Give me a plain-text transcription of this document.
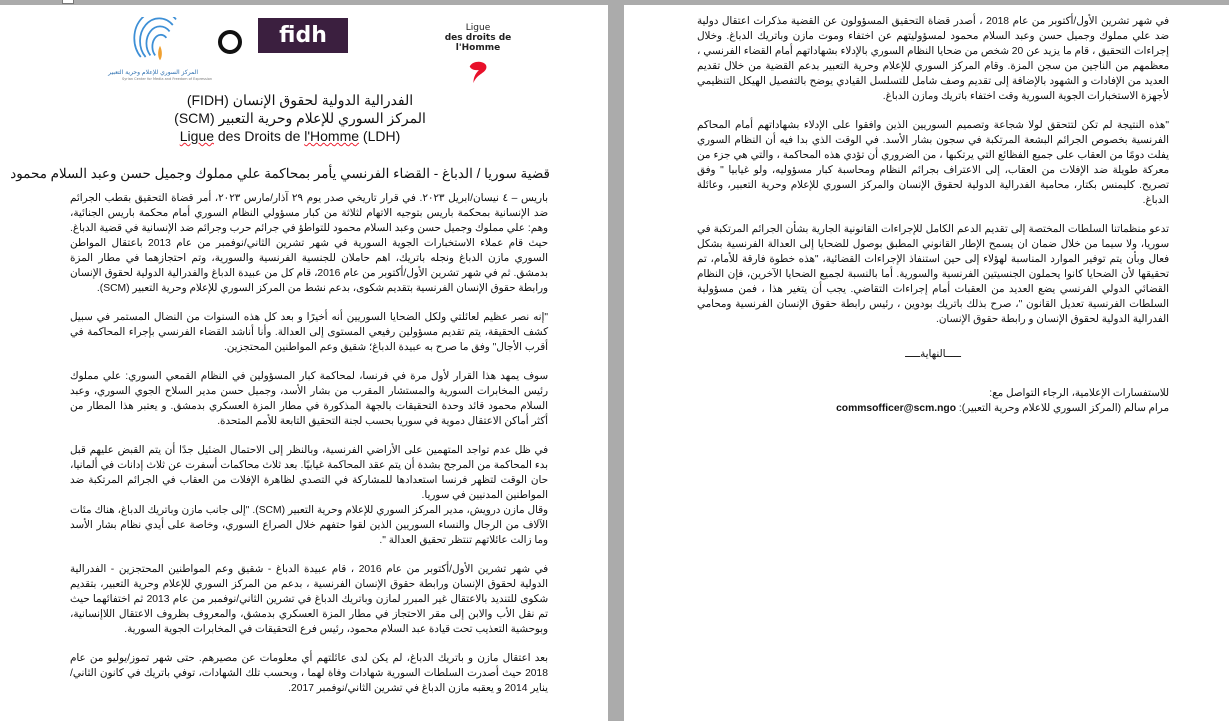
المركز السوري للإعلام وحرية التعبير
Syrian Center for Media and Freedom of Expression
fidh	Ligue
des droits de
l'Homme
الفدرالية الدولية لحقوق الإنسان (FIDH)
المركز السوري للإعلام وحرية التعبير (SCM)
Ligue des Droits de l'Homme (LDH)
قضية سوريا / الدباغ - القضاء الفرنسي يأمر بمحاكمة علي مملوك وجميل حسن وعبد السلام محمود

باريس – ٤ نيسان/ابريل ٢٠٢٣. في قرار تاريخي صدر يوم ٢٩ آذار/مارس ٢٠٢٣، أمر قضاة التحقيق بقطب الجرائم ضد الإنسانية بمحكمة باريس بتوجيه الاتهام لثلاثة من كبار مسؤولي النظام السوري أمام محكمة باريس الجنائية، وهم: علي مملوك وجميل حسن وعبد السلام محمود للتواطؤ في جرائم حرب وجرائم ضد الإنسانية في قضية الدباغ. حيث قام عملاء الاستخبارات الجوية السورية في شهر تشرين الثاني/نوفمبر من عام 2013 باعتقال المواطن السوري مازن الدباغ ونجله باتريك، اهم حاملان للجنسية الفرنسية والسورية، وتم احتجازهما في مطار المزة بدمشق. ثم في شهر تشرين الأول/أكتوبر من عام 2016، قام كل من عبيدة الدباغ والفدرالية الدولية لحقوق الإنسان ورابطة حقوق الإنسان الفرنسية بتقديم شكوى، بدعم نشط من المركز السوري للإعلام وحرية التعبير (SCM).

"إنه نصر عظيم لعائلتي ولكل الضحايا السوريين أنه أخيرًا و بعد كل هذه السنوات من النضال المستمر في سبيل كشف الحقيقة، يتم تقديم مسؤولين رفيعي المستوى إلى العدالة. وأنا أناشد القضاء الفرنسي بإجراء المحاكمة في أقرب الأجال" وفق ما صرح به عبيدة الدباغ؛ شقيق وعم المواطنين المحتجزين.

سوف يمهد هذا القرار لأول مرة في فرنسا، لمحاكمة كبار المسؤولين في النظام القمعي السوري: علي مملوك رئيس المخابرات السورية والمستشار المقرب من بشار الأسد، وجميل حسن مدير السلاح الجوي السوري، وعبد السلام محمود قائد وحدة التحقيقات بالجهة المذكورة في مطار المزة العسكري بدمشق. و يعتبر هذا المطار من أكثر أماكن الاعتقال دموية في سوريا بحسب لجنة التحقيق التابعة للأمم المتحدة.

في ظل عدم تواجد المتهمين على الأراضي الفرنسية، وبالنظر إلى الاحتمال الضئيل جدًا أن يتم القبض عليهم قبل بدء المحاكمة من المرجح بشدة أن يتم عقد المحاكمة غيابيًا. بعد ثلاث محاكمات أسفرت عن ثلاث إدانات في ألمانيا، حان الوقت لتظهر فرنسا استعدادها للمشاركة في التصدي لظاهرة الإفلات من العقاب في الجرائم المرتكبة ضد المواطنين المدنيين في سوريا.

وقال مازن درويش، مدير المركز السوري للإعلام وحرية التعبير (SCM). "إلى جانب مازن وباتريك الدباغ، هناك مئات الآلاف من الرجال والنساء السوريين الذين لقوا حتفهم خلال الصراع السوري، وخاصة على أيدي نظام بشار الأسد وما زالت عائلاتهم تنتظر تحقيق العدالة ".

في شهر تشرين الأول/أكتوبر من عام 2016 ، قام عبيدة الدباغ - شقيق وعم المواطنين المحتجزين - الفدرالية الدولية لحقوق الإنسان ورابطة حقوق الإنسان الفرنسية ، بدعم من المركز السوري للإعلام وحرية التعبير، بتقديم شكوى للتنديد بالاعتقال غير المبرر لمازن وباتريك الدباغ في تشرين الثاني/نوفمبر من عام 2013 ثم اختفائهما حيث تم نقل الأب والابن إلى مقر الاحتجاز في مطار المزة العسكري بدمشق، والمعروف بظروف الاعتقال اللاإنسانية، وبوحشية التعذيب تحت قيادة عبد السلام محمود، رئيس فرع التحقيقات في المخابرات الجوية السورية.

بعد اعتقال مازن و باتريك الدباغ، لم يكن لدى عائلتهم أي معلومات عن مصيرهم. حتى شهر تموز/يوليو من عام 2018 حيث أصدرت السلطات السورية شهادات وفاة لهما ، وبحسب تلك الشهادات، توفي باتريك في كانون الثاني/يناير 2014 و يعقبه مازن الدباغ في تشرين الثاني/نوفمبر 2017.

في شهر تشرين الأول/أكتوبر من عام 2018 ، أصدر قضاة التحقيق المسؤولون عن القضية مذكرات اعتقال دولية ضد علي مملوك وجميل حسن وعبد السلام محمود لمسؤوليتهم عن اختفاء وموت مازن وباتريك الدباغ. وخلال إجراءات التحقيق ، قام ما يزيد عن 20 شخص من ضحايا النظام السوري بالإدلاء بشهاداتهم أمام القضاء الفرنسي ، معظمهم من الناجين من سجن المزة. وقام المركز السوري للإعلام وحرية التعبير بدعم القضية من خلال تقديم العديد من الإفادات و الشهود بالإضافة إلى تقديم وصف شامل للتسلسل القيادي يوضح بالتفصيل الهيكل التنظيمي لأجهزة الاستخبارات الجوية السورية وقت اختفاء باتريك ومازن الدباغ.

"هذه النتيجة لم تكن لتتحقق لولا شجاعة وتصميم السوريين الذين وافقوا على الإدلاء بشهاداتهم أمام المحاكم الفرنسية بخصوص الجرائم البشعة المرتكبة في سجون بشار الأسد. في الوقت الذي بدا فيه أن النظام السوري يفلت دومًا من العقاب على جميع الفظائع التي يرتكبها ، من الضروري أن تؤدي هذه المحاكمة ، والتي هي جزء من معركة طويلة ضد الإفلات من العقاب، إلى الاعتراف بجرائم النظام ومحاسبة كبار مسؤوليه، ولو غيابيا " وفق تصريح. كليمنس بكتار، محامية الفدرالية الدولية لحقوق الإنسان والمركز السوري للإعلام وحرية التعبير، وعائلة الدباغ.

تدعو منظماتنا السلطات المختصة إلى تقديم الدعم الكامل للإجراءات القانونية الجارية بشأن الجرائم المرتكبة في سوريا، ولا سيما من خلال ضمان ان يسمح الإطار القانوني المطبق بوصول للضحايا إلى العدالة الفرنسية بشكل فعال وبأن يتم توفير الموارد المناسبة لهؤلاء إلى حين استنفاذ الإجراءات القضائية، "هذه خطوة فارقة للأمام، تم تحقيقها لأن الضحايا كانوا يحملون الجنسيتين الفرنسية والسورية. أما بالنسبة لجميع الضحايا الآخرين، فإن النظام القضائي الدولي الفرنسي يضع العديد من العقبات أمام إجراءات التقاضي. يجب أن يتغير هذا ، فمن مسؤولية السلطات الفرنسية تعديل القانون "، صرح بذلك باتريك بودوين ، رئيس رابطة حقوق الإنسان الفرنسية ومحامي الفدرالية الدولية لحقوق الإنسان و رابطة حقوق الإنسان.

ـــــالنهايةـــــ

للاستفسارات الإعلامية، الرجاء التواصل مع:
مرام سالم (المركز السوري للاعلام وحرية التعبير): commsofficer@scm.ngo
